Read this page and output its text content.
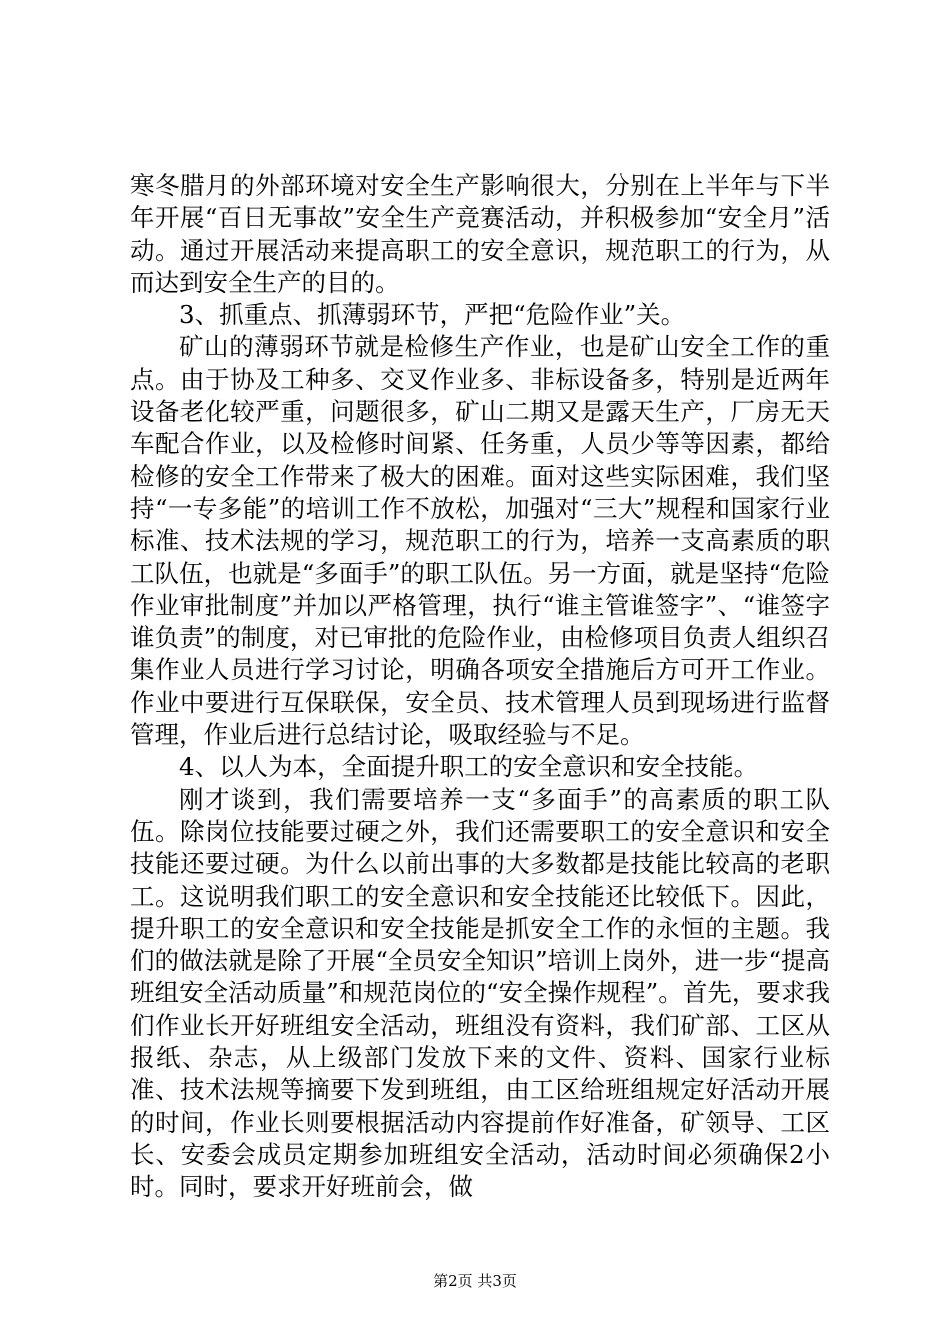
寒冬腊月的外部环境对安全生产影响很大，分别在上半年与下半年开展“百日无事故”安全生产竞赛活动，并积极参加“安全月”活动。通过开展活动来提高职工的安全意识，规范职工的行为，从而达到安全生产的目的。

3、抓重点、抓薄弱环节，严把“危险作业”关。

矿山的薄弱环节就是检修生产作业，也是矿山安全工作的重点。由于协及工种多、交叉作业多、非标设备多，特别是近两年设备老化较严重，问题很多，矿山二期又是露天生产，厂房无天车配合作业，以及检修时间紧、任务重，人员少等等因素，都给检修的安全工作带来了极大的困难。面对这些实际困难，我们坚持“一专多能”的培训工作不放松，加强对“三大”规程和国家行业标准、技术法规的学习，规范职工的行为，培养一支高素质的职工队伍，也就是“多面手”的职工队伍。另一方面，就是坚持“危险作业审批制度”并加以严格管理，执行“谁主管谁签字”、“谁签字谁负责”的制度，对已审批的危险作业，由检修项目负责人组织召集作业人员进行学习讨论，明确各项安全措施后方可开工作业。作业中要进行互保联保，安全员、技术管理人员到现场进行监督管理，作业后进行总结讨论，吸取经验与不足。

4、以人为本，全面提升职工的安全意识和安全技能。

刚才谈到，我们需要培养一支“多面手”的高素质的职工队伍。除岗位技能要过硬之外，我们还需要职工的安全意识和安全技能还要过硬。为什么以前出事的大多数都是技能比较高的老职工。这说明我们职工的安全意识和安全技能还比较低下。因此，提升职工的安全意识和安全技能是抓安全工作的永恒的主题。我们的做法就是除了开展“全员安全知识”培训上岗外，进一步“提高班组安全活动质量”和规范岗位的“安全操作规程”。首先，要求我们作业长开好班组安全活动，班组没有资料，我们矿部、工区从报纸、杂志，从上级部门发放下来的文件、资料、国家行业标准、技术法规等摘要下发到班组，由工区给班组规定好活动开展的时间，作业长则要根据活动内容提前作好准备，矿领导、工区长、安委会成员定期参加班组安全活动，活动时间必须确保2小时。同时，要求开好班前会，做

第2页 共3页
